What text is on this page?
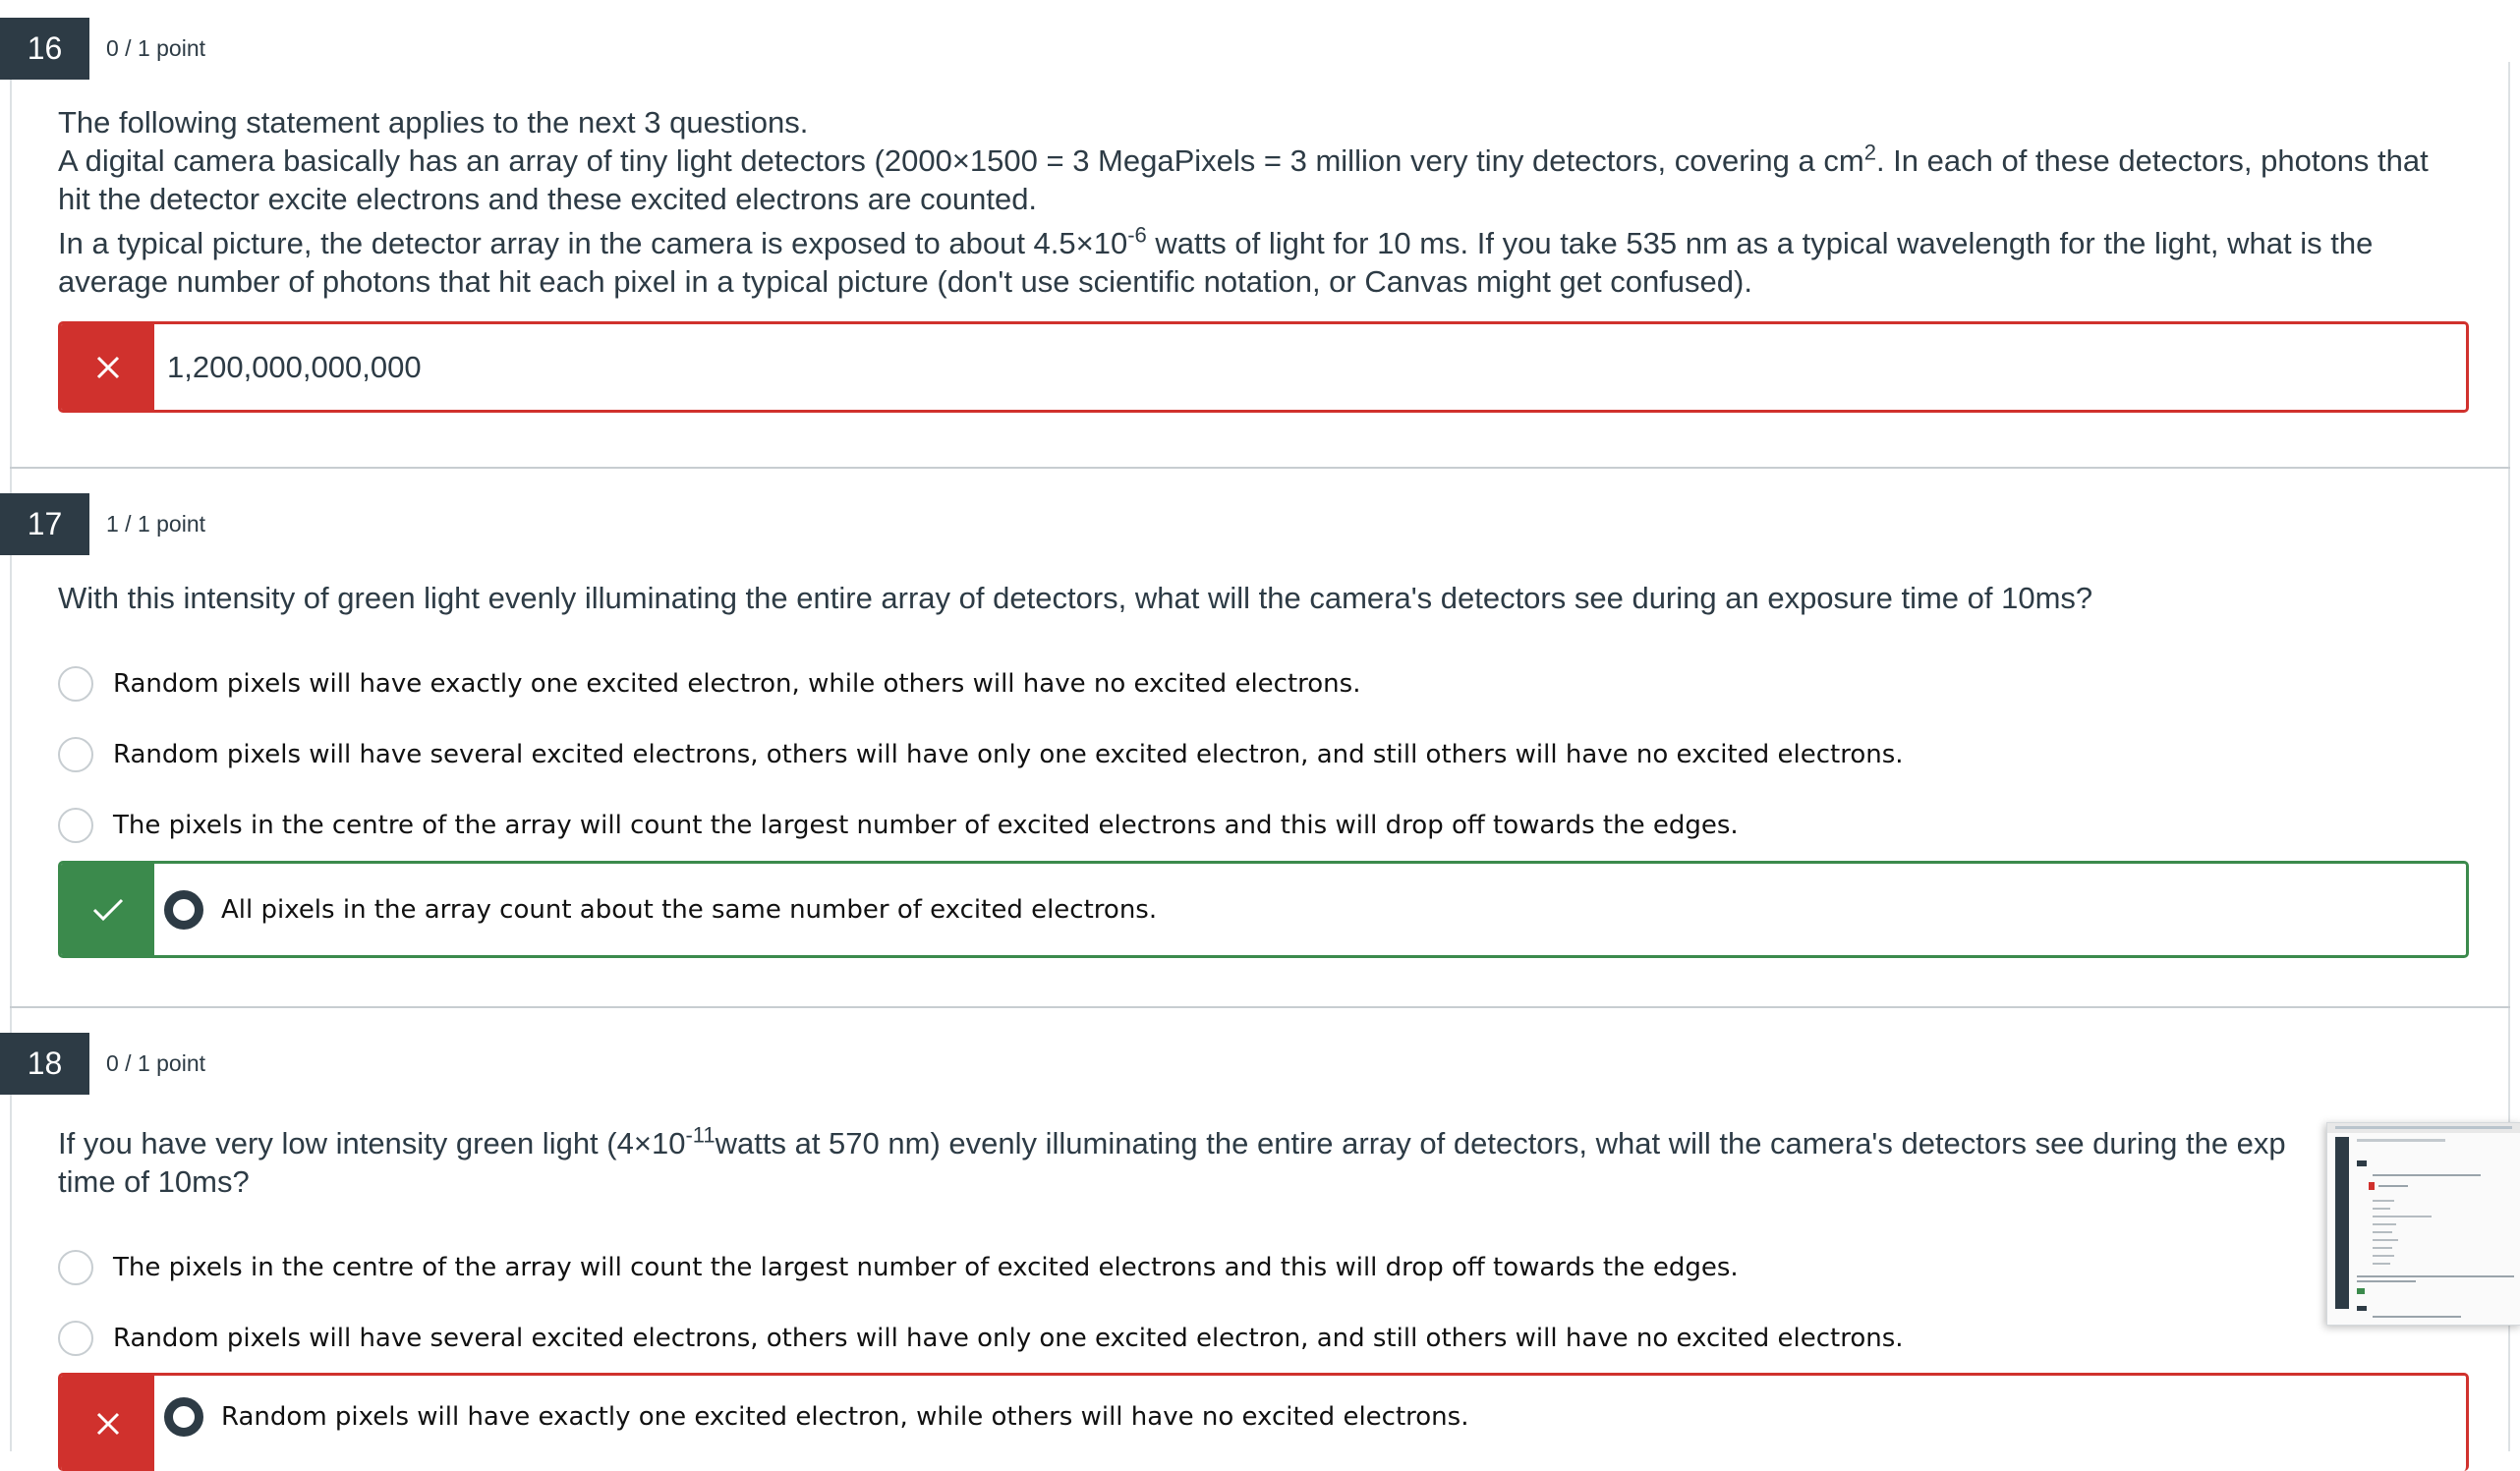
16	0 / 1 point

The following statement applies to the next 3 questions.

A digital camera basically has an array of tiny light detectors (2000×1500 = 3 MegaPixels = 3 million very tiny detectors, covering a $cm^2$. In each of these detectors, photons that hit the detector excite electrons and these excited electrons are counted.

In a typical picture, the detector array in the camera is exposed to about $4.5\times 10^{-6}$ watts of light for 10 ms. If you take 535 nm as a typical wavelength for the light, what is the average number of photons that hit each pixel in a typical picture (don't use scientific notation, or Canvas might get confused).

1,200,000,000,000
17	1 / 1 point
With this intensity of green light evenly illuminating the entire array of detectors, what will the camera's detectors see during an exposure time of 10ms?
Random pixels will have exactly one excited electron, while others will have no excited electrons.
Random pixels will have several excited electrons, others will have only one excited electron, and still others will have no excited electrons.
The pixels in the centre of the array will count the largest number of excited electrons and this will drop off towards the edges.
All pixels in the array count about the same number of excited electrons.
18	0 / 1 point

If you have very low intensity green light ($4\times 10^{-11}watts$ at 570 nm) evenly illuminating the entire array of detectors, what will the camera's detectors see during the exp

time of 10ms?

The pixels in the centre of the array will count the largest number of excited electrons and this will drop off towards the edges.
Random pixels will have several excited electrons, others will have only one excited electron, and still others will have no excited electrons.
Random pixels will have exactly one excited electron, while others will have no excited electrons.
